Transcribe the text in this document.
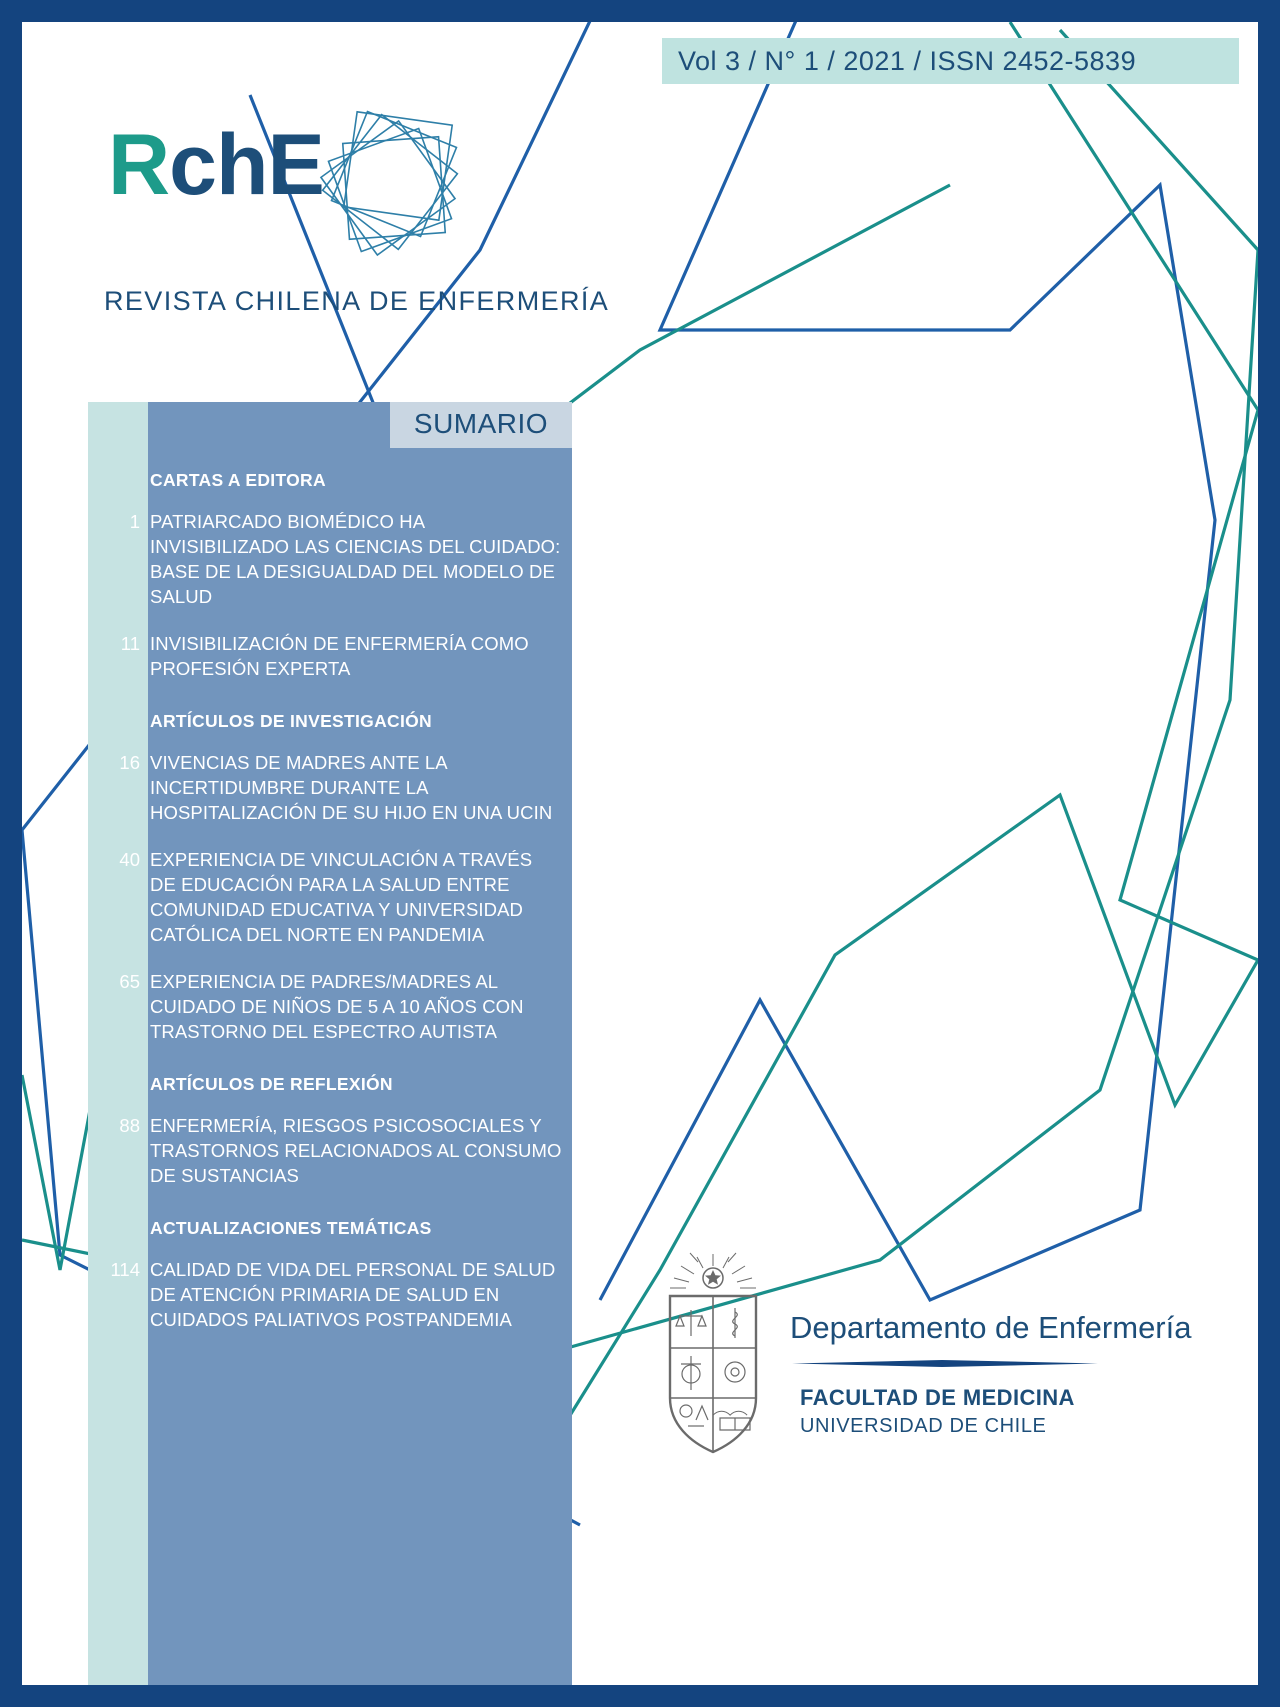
Vol 3 / N° 1 / 2021 / ISSN 2452-5839
RchE
REVISTA CHILENA DE ENFERMERÍA
SUMARIO
CARTAS A EDITORA
1 PATRIARCADO BIOMÉDICO HA INVISIBILIZADO LAS CIENCIAS DEL CUIDADO: BASE DE LA DESIGUALDAD DEL MODELO DE SALUD
11 INVISIBILIZACIÓN DE ENFERMERÍA COMO PROFESIÓN EXPERTA
ARTÍCULOS DE INVESTIGACIÓN
16 VIVENCIAS DE MADRES ANTE LA INCERTIDUMBRE DURANTE LA HOSPITALIZACIÓN DE SU HIJO EN UNA UCIN
40 EXPERIENCIA DE VINCULACIÓN A TRAVÉS DE EDUCACIÓN PARA LA SALUD ENTRE COMUNIDAD EDUCATIVA Y UNIVERSIDAD CATÓLICA DEL NORTE EN PANDEMIA
65 EXPERIENCIA DE PADRES/MADRES AL CUIDADO DE NIÑOS DE 5 A 10 AÑOS CON TRASTORNO DEL ESPECTRO AUTISTA
ARTÍCULOS DE REFLEXIÓN
88 ENFERMERÍA, RIESGOS PSICOSOCIALES Y TRASTORNOS RELACIONADOS AL CONSUMO DE SUSTANCIAS
ACTUALIZACIONES TEMÁTICAS
114 CALIDAD DE VIDA DEL PERSONAL DE SALUD DE ATENCIÓN PRIMARIA DE SALUD EN CUIDADOS PALIATIVOS POSTPANDEMIA	Departamento de Enfermería
FACULTAD DE MEDICINA
UNIVERSIDAD DE CHILE
